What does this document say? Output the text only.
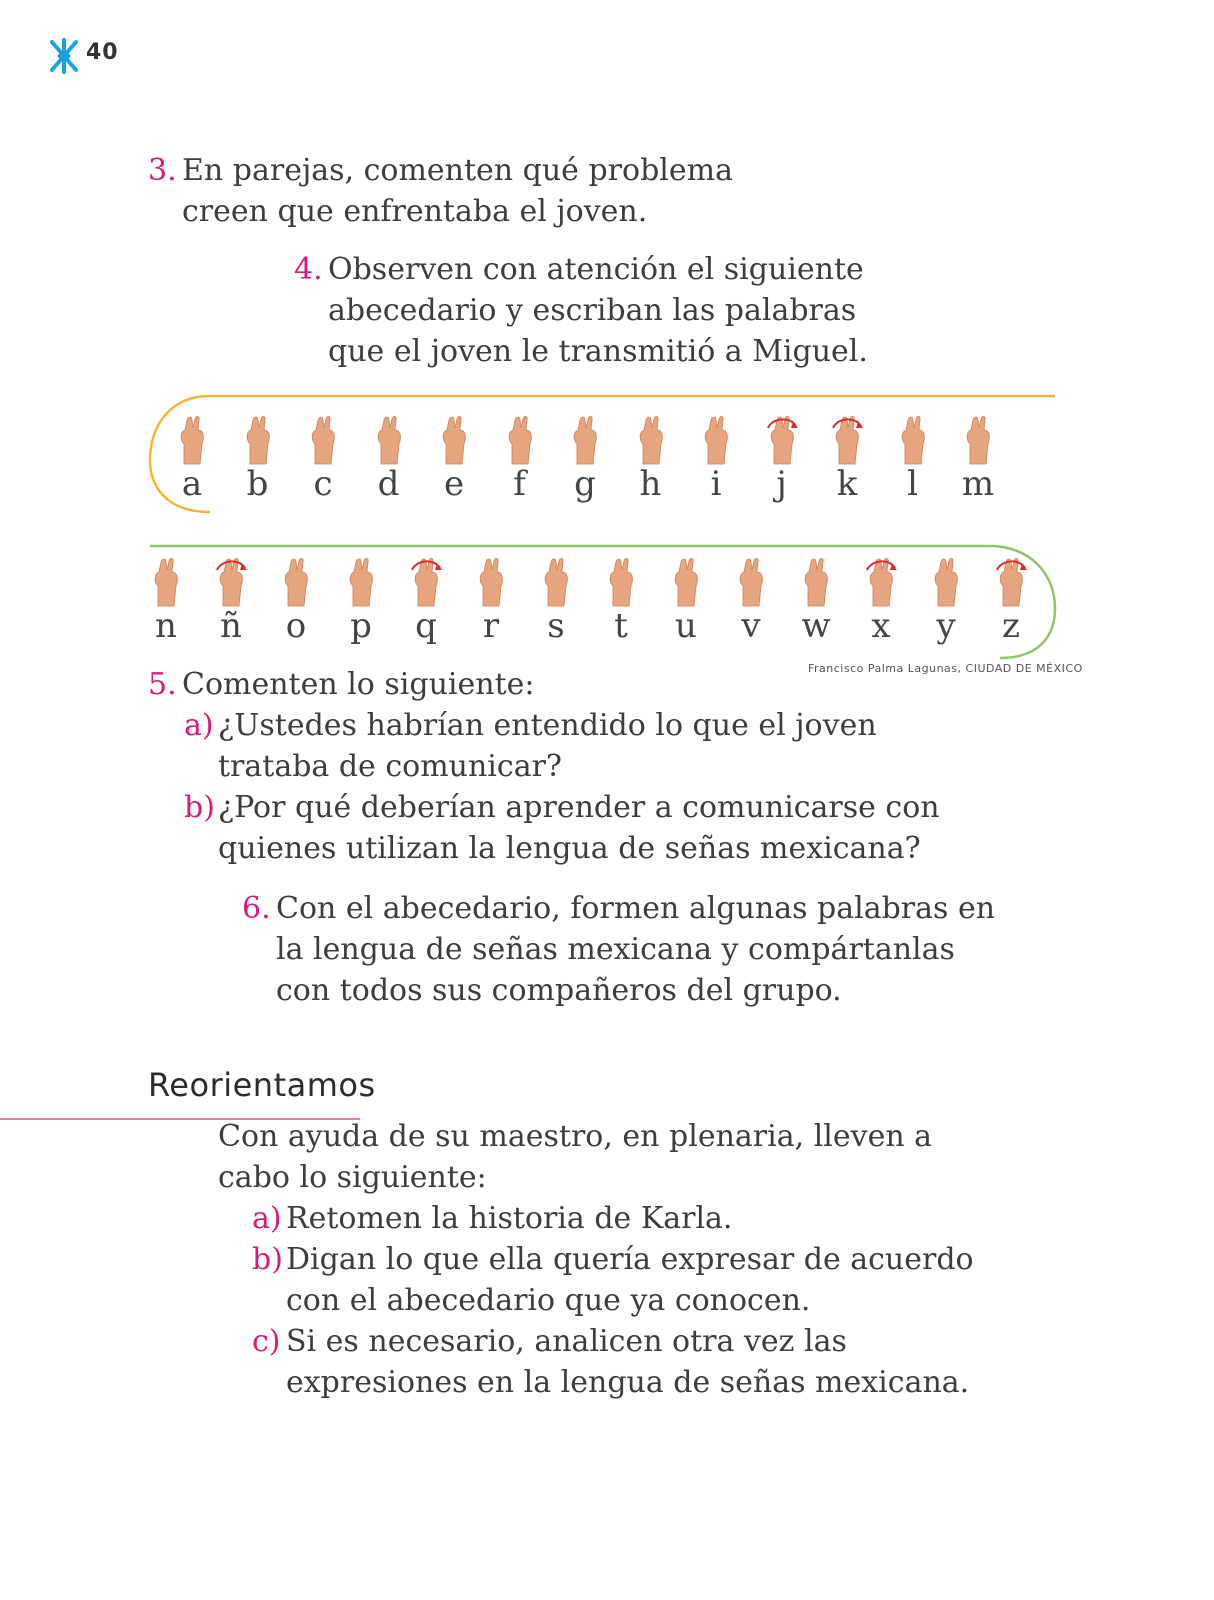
40
3. En parejas, comenten qué problema
creen que enfrentaba el joven.
4. Observen con atención el siguiente
abecedario y escriban las palabras
que el joven le transmitió a Miguel.
a	b	c	d	e	f	g	h	i	j	k	l	m
n	ñ	o	p	q	r	s	t	u	v	w	x	y	z
Francisco Palma Lagunas, CIUDAD DE MÉXICO
5. Comenten lo siguiente:
a) ¿Ustedes habrían entendido lo que el joven
trataba de comunicar?
b) ¿Por qué deberían aprender a comunicarse con
quienes utilizan la lengua de señas mexicana?
6. Con el abecedario, formen algunas palabras en
la lengua de señas mexicana y compártanlas
con todos sus compañeros del grupo.
Reorientamos
Con ayuda de su maestro, en plenaria, lleven a
cabo lo siguiente:
a) Retomen la historia de Karla.
b) Digan lo que ella quería expresar de acuerdo
con el abecedario que ya conocen.
c) Si es necesario, analicen otra vez las
expresiones en la lengua de señas mexicana.
